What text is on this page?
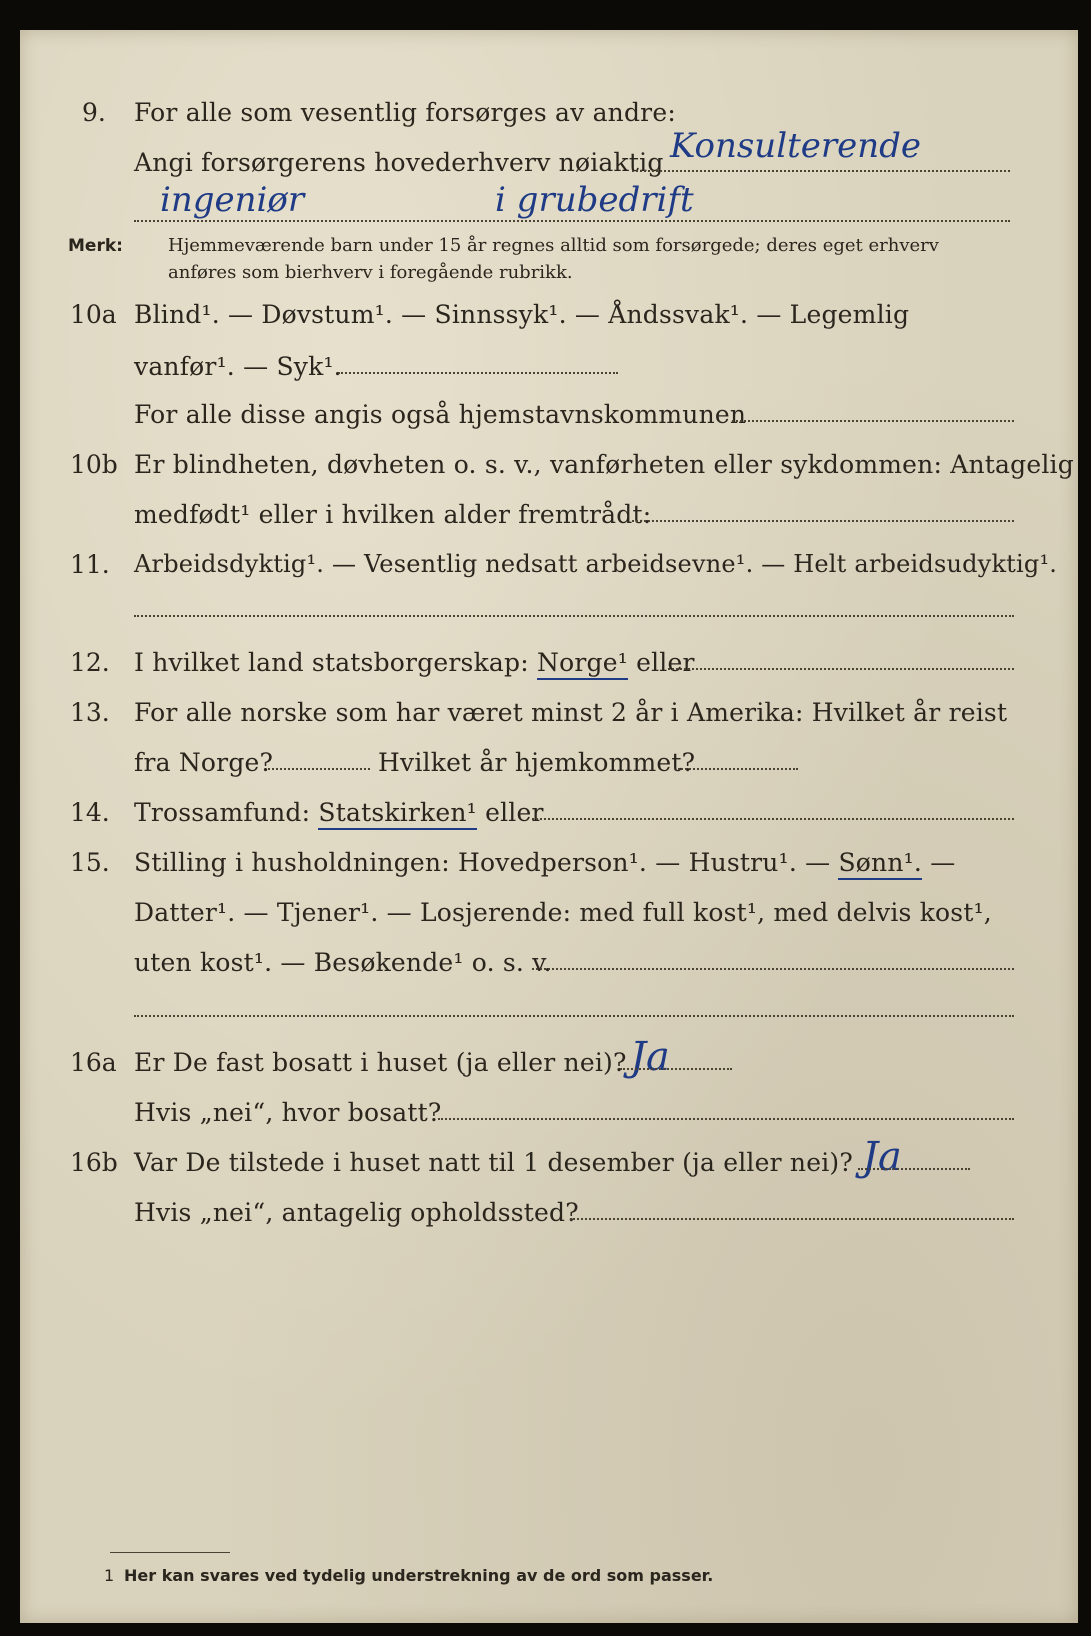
9. For alle som vesentlig forsørges av andre:
Angi forsørgerens hovederhverv nøiaktig Konsulterende
ingeniør	i grubedrift
Merk:	Hjemmeværende barn under 15 år regnes alltid som forsørgede; deres eget erhverv
anføres som bierhverv i foregående rubrikk.
10a Blind¹. — Døvstum¹. — Sinnssyk¹. — Åndssvak¹. — Legemlig
vanfør¹. — Syk¹.
For alle disse angis også hjemstavnskommunen
10b Er blindheten, døvheten o. s. v., vanførheten eller sykdommen: Antagelig
medfødt¹ eller i hvilken alder fremtrådt:
11. Arbeidsdyktig¹. — Vesentlig nedsatt arbeidsevne¹. — Helt arbeidsudyktig¹.
12. I hvilket land statsborgerskap: Norge¹ eller
13. For alle norske som har været minst 2 år i Amerika: Hvilket år reist
fra Norge?	Hvilket år hjemkommet?
14. Trossamfund: Statskirken¹ eller
15. Stilling i husholdningen: Hovedperson¹. — Hustru¹. — Sønn¹. —
Datter¹. — Tjener¹. — Losjerende: med full kost¹, med delvis kost¹,
uten kost¹. — Besøkende¹ o. s. v.
16a Er De fast bosatt i huset (ja eller nei)? Ja
Hvis „nei“, hvor bosatt?
16b Var De tilstede i huset natt til 1 desember (ja eller nei)? Ja
Hvis „nei“, antagelig opholdssted?
1 Her kan svares ved tydelig understrekning av de ord som passer.
